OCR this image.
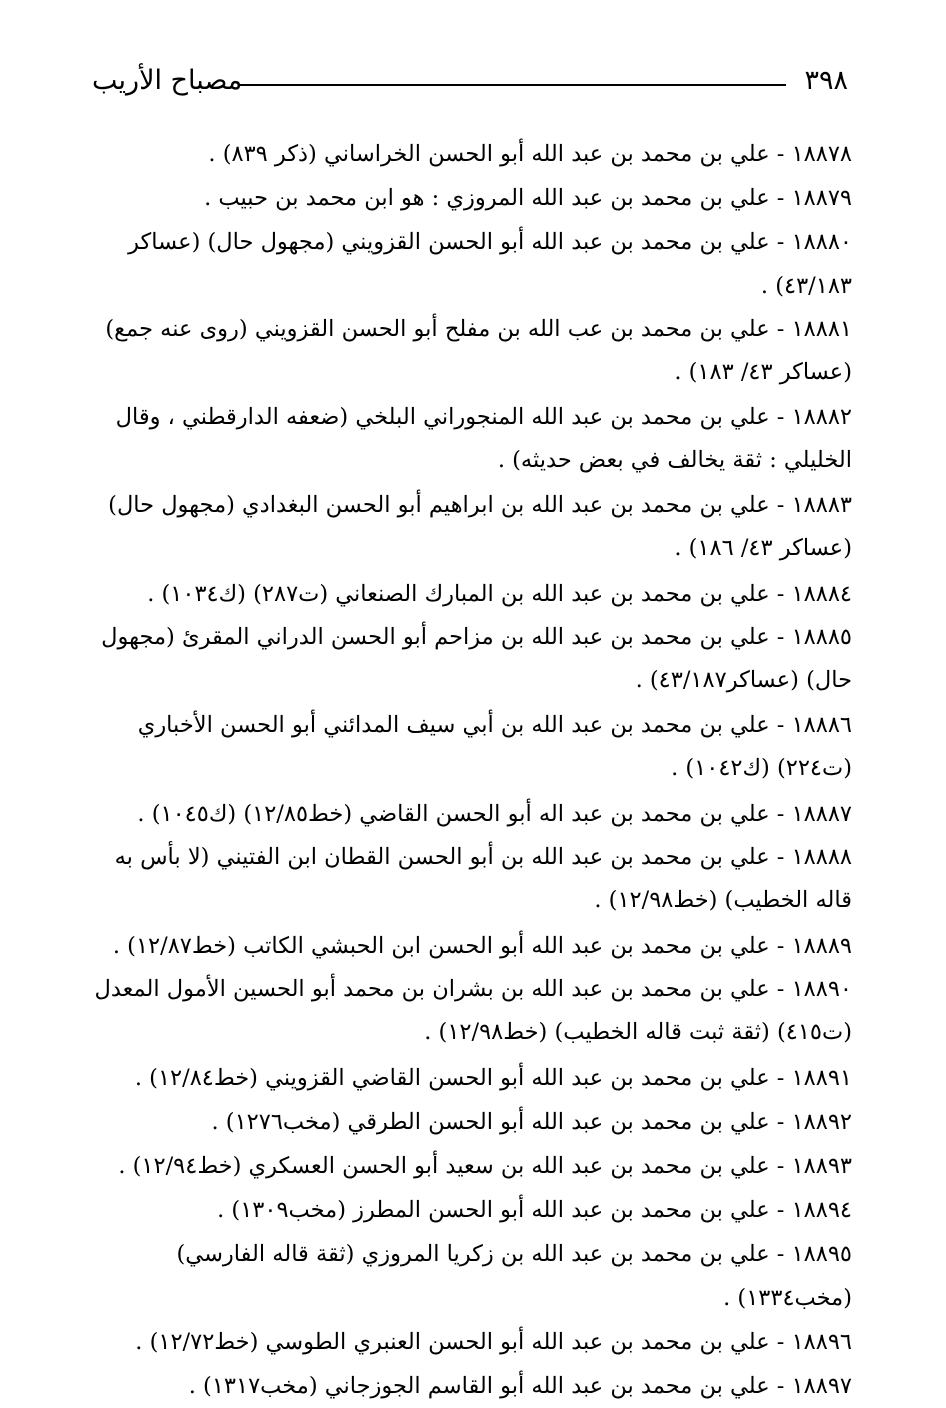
٣٩٨
مصباح الأريب

١٨٨٧٨ - علي بن محمد بن عبد الله أبو الحسن الخراساني (ذكر ٨٣٩) .

١٨٨٧٩ - علي بن محمد بن عبد الله المروزي : هو ابن محمد بن حبيب .

١٨٨٨٠ - علي بن محمد بن عبد الله أبو الحسن القزويني (مجهول حال) (عساكر ٤٣/١٨٣) .

١٨٨٨١ - علي بن محمد بن عب الله بن مفلح أبو الحسن القزويني (روى عنه جمع) (عساكر ٤٣/ ١٨٣) .

١٨٨٨٢ - علي بن محمد بن عبد الله المنجوراني البلخي (ضعفه الدارقطني ، وقال الخليلي : ثقة يخالف في بعض حديثه) .

١٨٨٨٣ - علي بن محمد بن عبد الله بن ابراهيم أبو الحسن البغدادي (مجهول حال) (عساكر ٤٣/ ١٨٦) .

١٨٨٨٤ - علي بن محمد بن عبد الله بن المبارك الصنعاني (ت٢٨٧) (ك١٠٣٤) .

١٨٨٨٥ - علي بن محمد بن عبد الله بن مزاحم أبو الحسن الدراني المقرئ (مجهول حال) (عساكر٤٣/١٨٧) .

١٨٨٨٦ - علي بن محمد بن عبد الله بن أبي سيف المدائني أبو الحسن الأخباري (ت٢٢٤) (ك١٠٤٢) .

١٨٨٨٧ - علي بن محمد بن عبد اله أبو الحسن القاضي (خط١٢/٨٥) (ك١٠٤٥) .

١٨٨٨٨ - علي بن محمد بن عبد الله بن أبو الحسن القطان ابن الفتيني (لا بأس به قاله الخطيب) (خط١٢/٩٨) .

١٨٨٨٩ - علي بن محمد بن عبد الله أبو الحسن ابن الحبشي الكاتب (خط١٢/٨٧) .

١٨٨٩٠ - علي بن محمد بن عبد الله بن بشران بن محمد أبو الحسين الأمول المعدل (ت٤١٥) (ثقة ثبت قاله الخطيب) (خط١٢/٩٨) .

١٨٨٩١ - علي بن محمد بن عبد الله أبو الحسن القاضي القزويني (خط١٢/٨٤) .

١٨٨٩٢ - علي بن محمد بن عبد الله أبو الحسن الطرقي (مخب١٢٧٦) .

١٨٨٩٣ - علي بن محمد بن عبد الله بن سعيد أبو الحسن العسكري (خط١٢/٩٤) .

١٨٨٩٤ - علي بن محمد بن عبد الله أبو الحسن المطرز (مخب١٣٠٩) .

١٨٨٩٥ - علي بن محمد بن عبد الله بن زكريا المروزي (ثقة قاله الفارسي) (مخب١٣٣٤) .

١٨٨٩٦ - علي بن محمد بن عبد الله أبو الحسن العنبري الطوسي (خط١٢/٧٢) .

١٨٨٩٧ - علي بن محمد بن عبد الله أبو القاسم الجوزجاني (مخب١٣١٧) .
